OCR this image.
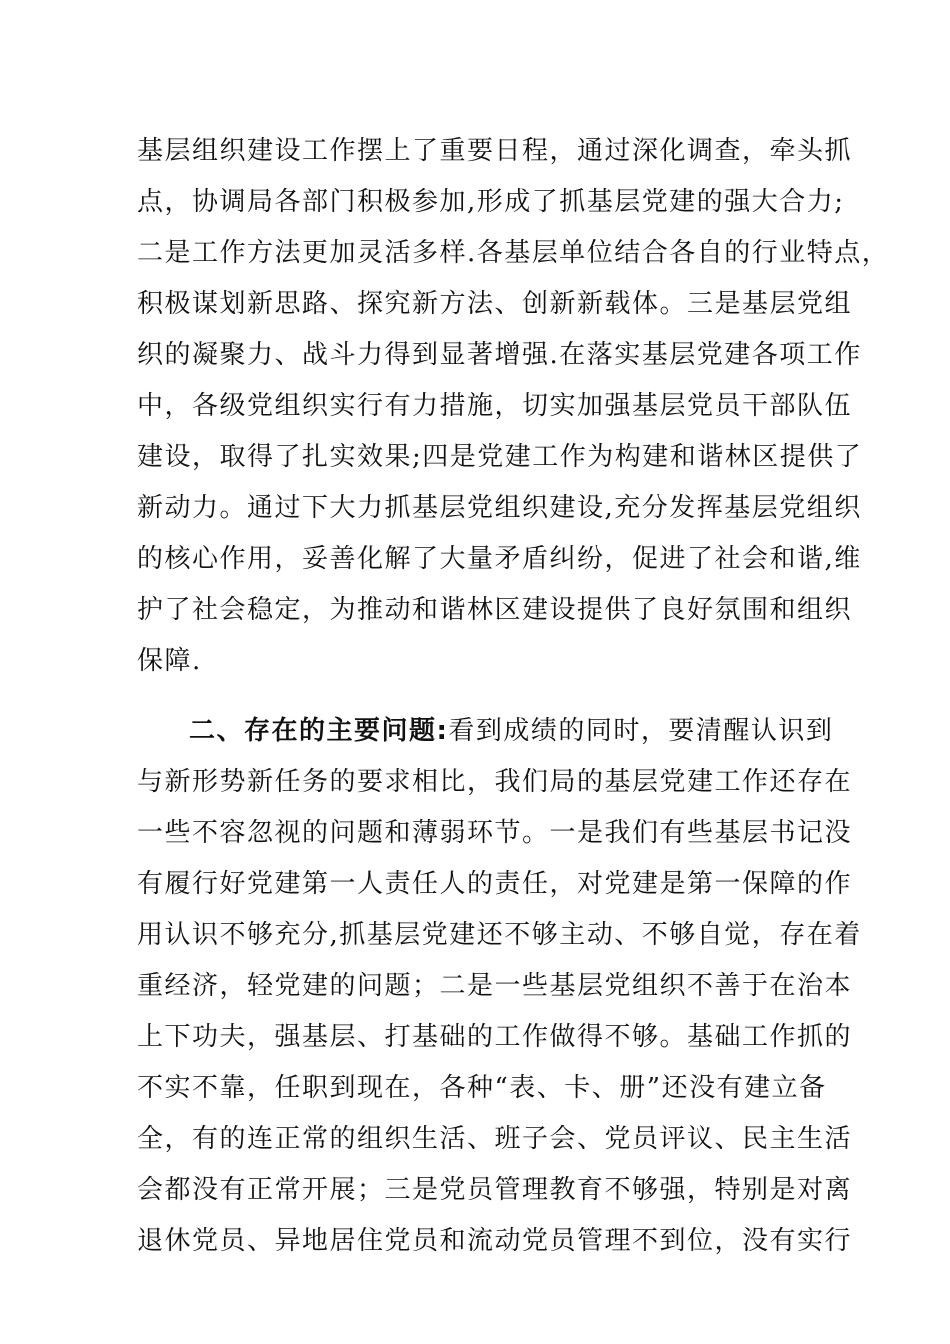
基层组织建设工作摆上了重要日程，通过深化调查，牵头抓
点，协调局各部门积极参加,形成了抓基层党建的强大合力;
二是工作方法更加灵活多样.各基层单位结合各自的行业特点，
积极谋划新思路、探究新方法、创新新载体。三是基层党组
织的凝聚力、战斗力得到显著增强.在落实基层党建各项工作
中，各级党组织实行有力措施，切实加强基层党员干部队伍
建设，取得了扎实效果;四是党建工作为构建和谐林区提供了
新动力。通过下大力抓基层党组织建设,充分发挥基层党组织
的核心作用，妥善化解了大量矛盾纠纷，促进了社会和谐,维
护了社会稳定，为推动和谐林区建设提供了良好氛围和组织
保障.
二、存在的主要问题:看到成绩的同时，要清醒认识到
与新形势新任务的要求相比，我们局的基层党建工作还存在
一些不容忽视的问题和薄弱环节。一是我们有些基层书记没
有履行好党建第一人责任人的责任，对党建是第一保障的作
用认识不够充分,抓基层党建还不够主动、不够自觉，存在着
重经济，轻党建的问题；二是一些基层党组织不善于在治本
上下功夫，强基层、打基础的工作做得不够。基础工作抓的
不实不靠，任职到现在，各种“表、卡、册”还没有建立备
全，有的连正常的组织生活、班子会、党员评议、民主生活
会都没有正常开展；三是党员管理教育不够强，特别是对离
退休党员、异地居住党员和流动党员管理不到位，没有实行
